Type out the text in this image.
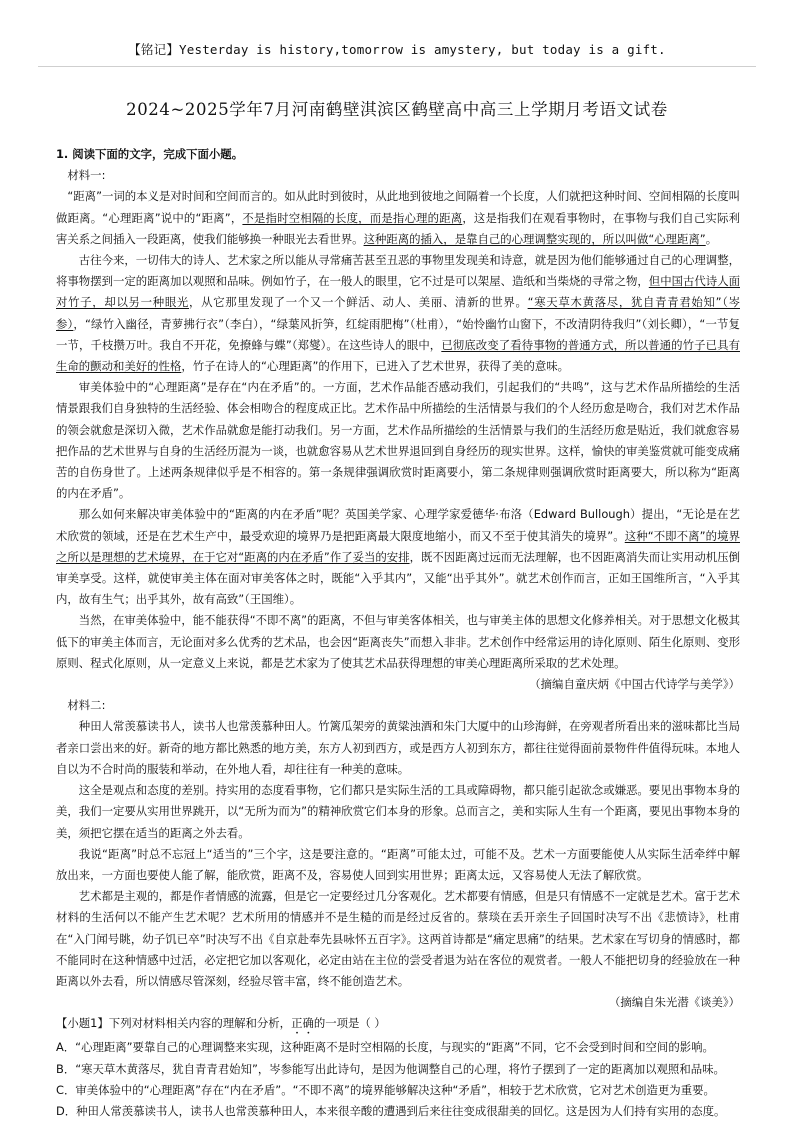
【铭记】Yesterday is history,tomorrow is amystery, but today is a gift.
2024~2025学年7月河南鹤壁淇滨区鹤壁高中高三上学期月考语文试卷

1. 阅读下面的文字，完成下面小题。

材料一:

“距离”一词的本义是对时间和空间而言的。如从此时到彼时，从此地到彼地之间隔着一个长度，人们就把这种时间、空间相隔的长度叫做距离。“心理距离”说中的“距离”，不是指时空相隔的长度，而是指心理的距离，这是指我们在观看事物时，在事物与我们自己实际利害关系之间插入一段距离，使我们能够换一种眼光去看世界。这种距离的插入，是靠自己的心理调整实现的，所以叫做“心理距离”。

古往今来，一切伟大的诗人、艺术家之所以能从寻常痛苦甚至丑恶的事物里发现美和诗意，就是因为他们能够通过自己的心理调整，将事物摆到一定的距离加以观照和品味。例如竹子，在一般人的眼里，它不过是可以架屋、造纸和当柴烧的寻常之物，但中国古代诗人面对竹子，却以另一种眼光，从它那里发现了一个又一个鲜活、动人、美丽、清新的世界。“寒天草木黄落尽，犹自青青君始知”（岑参），“绿竹入幽径，青萝拂行衣”（李白），“绿葉风折笋，红绽雨肥梅”（杜甫），“始怜幽竹山窗下，不改清阴待我归”（刘长卿），“一节复一节，千枝攒万叶。我自不开花，免撩蜂与蝶”（郑燮）。在这些诗人的眼中，已彻底改变了看待事物的普通方式，所以普通的竹子已具有生命的颤动和美好的性格，竹子在诗人的“心理距离”的作用下，已进入了艺术世界，获得了美的意味。

审美体验中的“心理距离”是存在“内在矛盾”的。一方面，艺术作品能否感动我们，引起我们的“共鸣”，这与艺术作品所描绘的生活情景跟我们自身独特的生活经验、体会相吻合的程度成正比。艺术作品中所描绘的生活情景与我们的个人经历愈是吻合，我们对艺术作品的领会就愈是深切入微，艺术作品就愈是能打动我们。另一方面，艺术作品所描绘的生活情景与我们的生活经历愈是贴近，我们就愈容易把作品的艺术世界与自身的生活经历混为一谈，也就愈容易从艺术世界退回到自身经历的现实世界。这样，愉快的审美鉴赏就可能变成痛苦的自伤身世了。上述两条规律似乎是不相容的。第一条规律强调欣赏时距离要小，第二条规律则强调欣赏时距离要大，所以称为“距离的内在矛盾”。

那么如何来解决审美体验中的“距离的内在矛盾”呢？英国美学家、心理学家爱德华·布洛（Edward Bullough）提出，“无论是在艺术欣赏的领域，还是在艺术生产中，最受欢迎的境界乃是把距离最大限度地缩小，而又不至于使其消失的境界”。这种“不即不离”的境界之所以是理想的艺术境界，在于它对“距离的内在矛盾”作了妥当的安排，既不因距离过远而无法理解，也不因距离消失而让实用动机压倒审美享受。这样，就使审美主体在面对审美客体之时，既能“入乎其内”，又能“出乎其外”。就艺术创作而言，正如王国维所言，“入乎其内，故有生气；出乎其外，故有高致”（王国维）。

当然，在审美体验中，能不能获得“不即不离”的距离，不但与审美客体相关，也与审美主体的思想文化修养相关。对于思想文化极其低下的审美主体而言，无论面对多么优秀的艺术品，也会因“距离丧失”而想入非非。艺术创作中经常运用的诗化原则、陌生化原则、变形原则、程式化原则，从一定意义上来说，都是艺术家为了使其艺术品获得理想的审美心理距离所采取的艺术处理。

（摘编自童庆炳《中国古代诗学与美学》）

材料二:

种田人常羡慕读书人，读书人也常羡慕种田人。竹篱瓜架旁的黄粱浊酒和朱门大厦中的山珍海鲜，在旁观者所看出来的滋味都比当局者亲口尝出来的好。新奇的地方都比熟悉的地方美，东方人初到西方，或是西方人初到东方，都往往觉得面前景物件件值得玩味。本地人自以为不合时尚的服装和举动，在外地人看，却往往有一种美的意味。

这全是观点和态度的差别。持实用的态度看事物，它们都只是实际生活的工具或障碍物，都只能引起欲念或嫌恶。要见出事物本身的美，我们一定要从实用世界跳开，以“无所为而为”的精神欣赏它们本身的形象。总而言之，美和实际人生有一个距离，要见出事物本身的美，须把它摆在适当的距离之外去看。

我说“距离”时总不忘冠上“适当的”三个字，这是要注意的。“距离”可能太过，可能不及。艺术一方面要能使人从实际生活牵绊中解放出来，一方面也要使人能了解，能欣赏，距离不及，容易使人回到实用世界；距离太远，又容易使人无法了解欣赏。

艺术都是主观的，都是作者情感的流露，但是它一定要经过几分客观化。艺术都要有情感，但是只有情感不一定就是艺术。富于艺术材料的生活何以不能产生艺术呢？艺术所用的情感并不是生糙的而是经过反省的。蔡琰在丢开亲生子回国时决写不出《悲愤诗》，杜甫在“入门闻号眺，幼子饥已卒”时决写不出《自京赴奉先县咏怀五百字》。这两首诗都是“痛定思痛”的结果。艺术家在写切身的情感时，都不能同时在这种情感中过活，必定把它加以客观化，必定由站在主位的尝受者退为站在客位的观赏者。一般人不能把切身的经验放在一种距离以外去看，所以情感尽管深刻，经验尽管丰富，终不能创造艺术。

（摘编自朱光潜《谈美》）

【小题1】下列对材料相关内容的理解和分析，正确的一项是（ ）

A．“心理距离”要靠自己的心理调整来实现，这种距离不是时空相隔的长度，与现实的“距离”不同，它不会受到时间和空间的影响。

B．“寒天草木黄落尽，犹自青青君始知”，岑参能写出此诗句，是因为他调整自己的心理，将竹子摆到了一定的距离加以观照和品味。

C．审美体验中的“心理距离”存在“内在矛盾”。“不即不离”的境界能够解决这种“矛盾”，相较于艺术欣赏，它对艺术创造更为重要。

D．种田人常羡慕读书人，读书人也常羡慕种田人，本来很辛酸的遭遇到后来往往变成很甜美的回忆。这是因为人们持有实用的态度。
